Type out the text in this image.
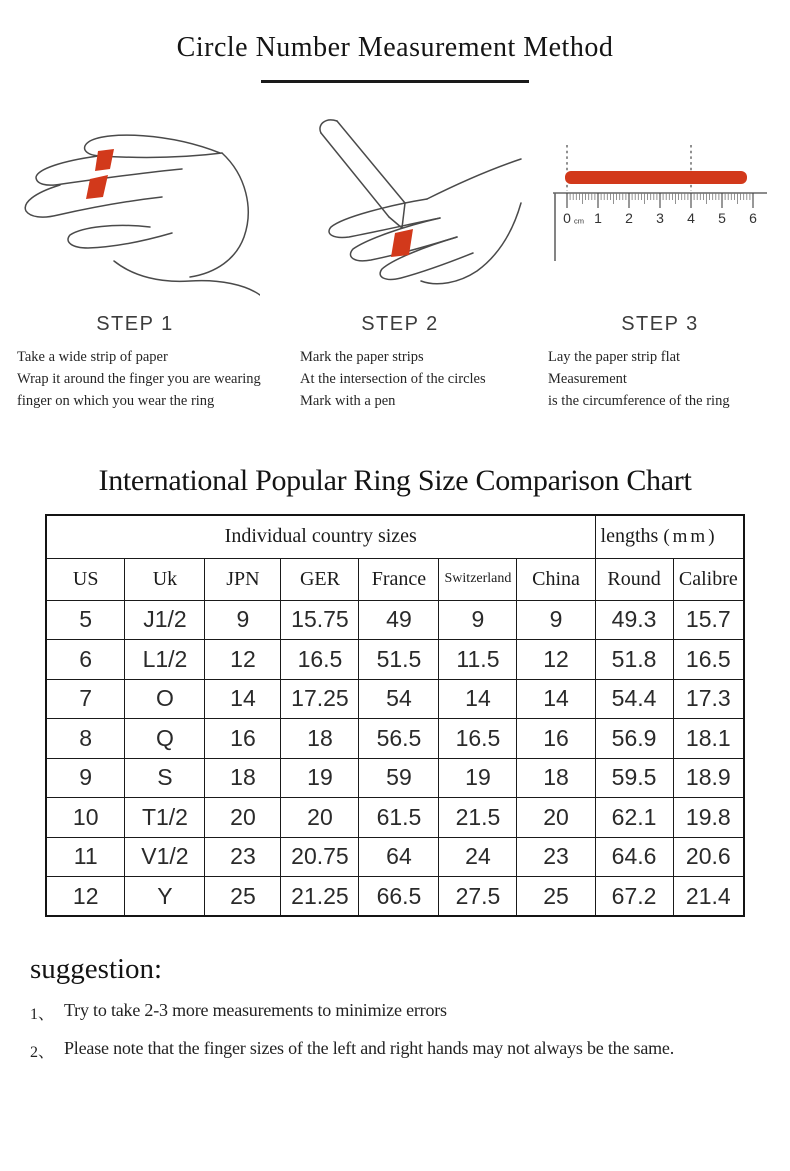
Circle Number Measurement Method
STEP 1
Take a wide strip of paper
Wrap it around the finger you are wearing
finger on which you wear the ring
STEP 2
Mark the paper strips
At the intersection of the circles
Mark with a pen
0 1 2 3 4 5 6
cm
STEP 3
Lay the paper strip flat
Measurement
is the circumference of the ring
International Popular Ring Size Comparison Chart
Individual country sizes							lengths (mm)	
US	Uk	JPN	GER	France	Switzerland	China	Round	Calibre
5	J1/2	9	15.75	49	9	9	49.3	15.7
6	L1/2	12	16.5	51.5	11.5	12	51.8	16.5
7	O	14	17.25	54	14	14	54.4	17.3
8	Q	16	18	56.5	16.5	16	56.9	18.1
9	S	18	19	59	19	18	59.5	18.9
10	T1/2	20	20	61.5	21.5	20	62.1	19.8
11	V1/2	23	20.75	64	24	23	64.6	20.6
12	Y	25	21.25	66.5	27.5	25	67.2	21.4
suggestion:
1、 Try to take 2-3 more measurements to minimize errors
2、 Please note that the finger sizes of the left and right hands may not always be the same.
